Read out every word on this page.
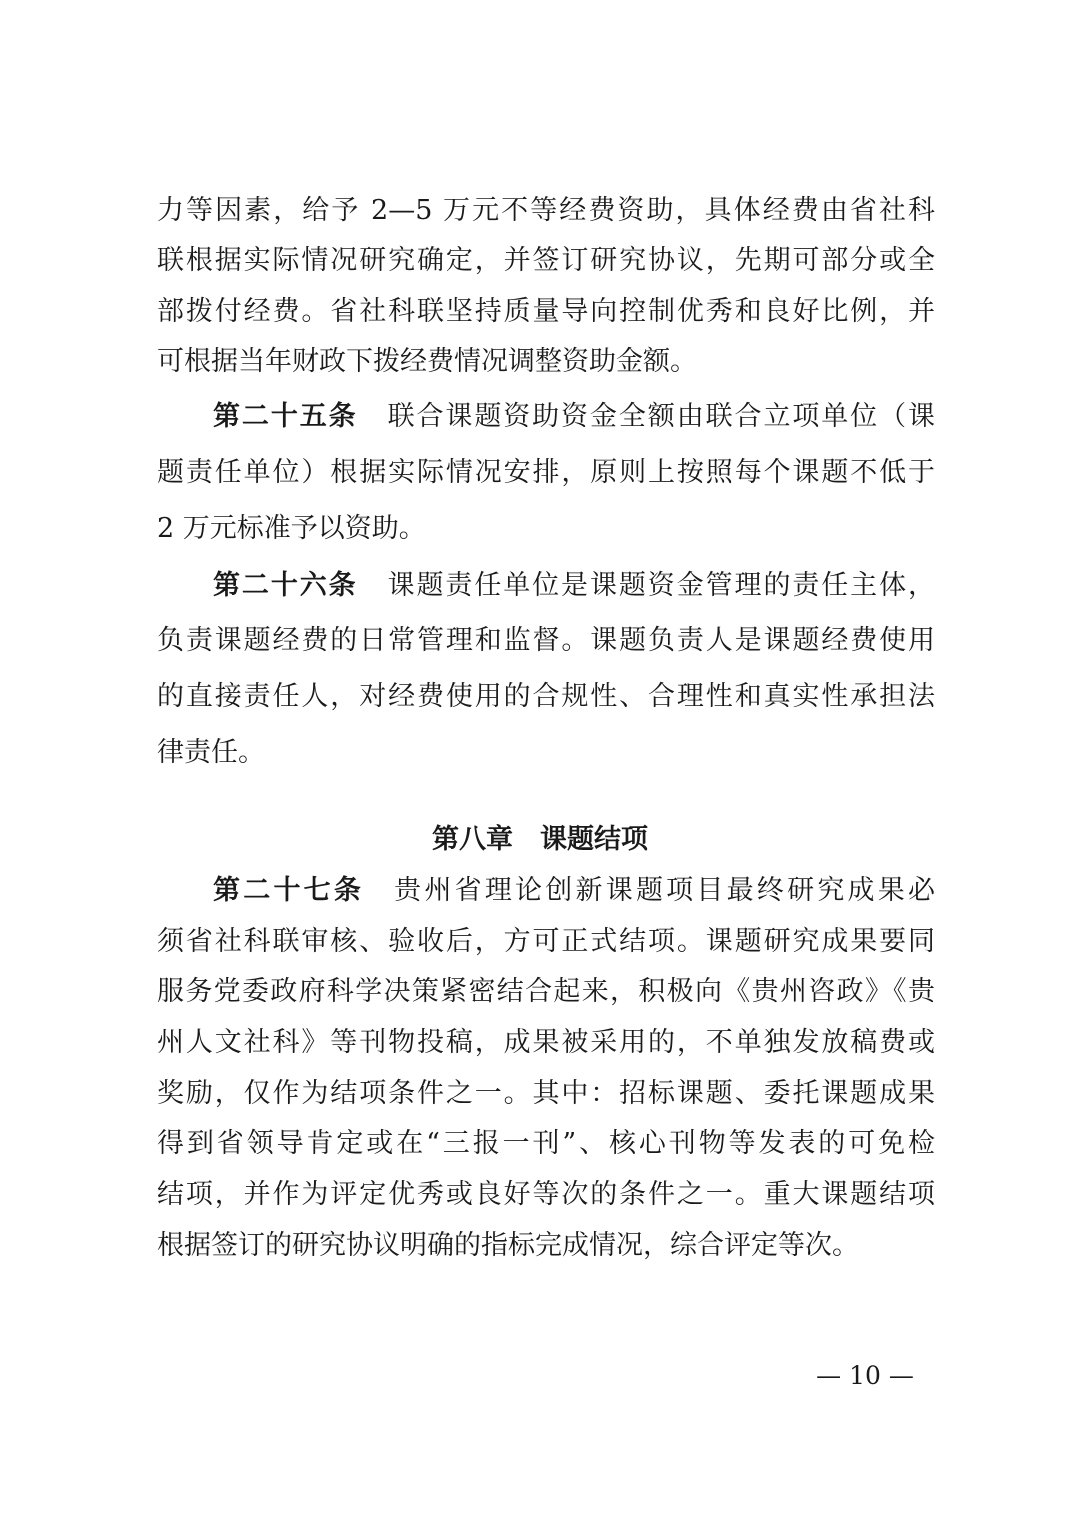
力等因素，给予 2—5 万元不等经费资助，具体经费由省社科
联根据实际情况研究确定，并签订研究协议，先期可部分或全
部拨付经费。省社科联坚持质量导向控制优秀和良好比例，并
可根据当年财政下拨经费情况调整资助金额。
第二十五条 联合课题资助资金全额由联合立项单位（课
题责任单位）根据实际情况安排，原则上按照每个课题不低于
2 万元标准予以资助。
第二十六条 课题责任单位是课题资金管理的责任主体，
负责课题经费的日常管理和监督。课题负责人是课题经费使用
的直接责任人，对经费使用的合规性、合理性和真实性承担法
律责任。
第八章　课题结项
第二十七条 贵州省理论创新课题项目最终研究成果必
须省社科联审核、验收后，方可正式结项。课题研究成果要同
服务党委政府科学决策紧密结合起来，积极向《贵州咨政》《贵
州人文社科》等刊物投稿，成果被采用的，不单独发放稿费或
奖励，仅作为结项条件之一。其中：招标课题、委托课题成果
得到省领导肯定或在“三报一刊”、核心刊物等发表的可免检
结项，并作为评定优秀或良好等次的条件之一。重大课题结项
根据签订的研究协议明确的指标完成情况，综合评定等次。
— 10 —
